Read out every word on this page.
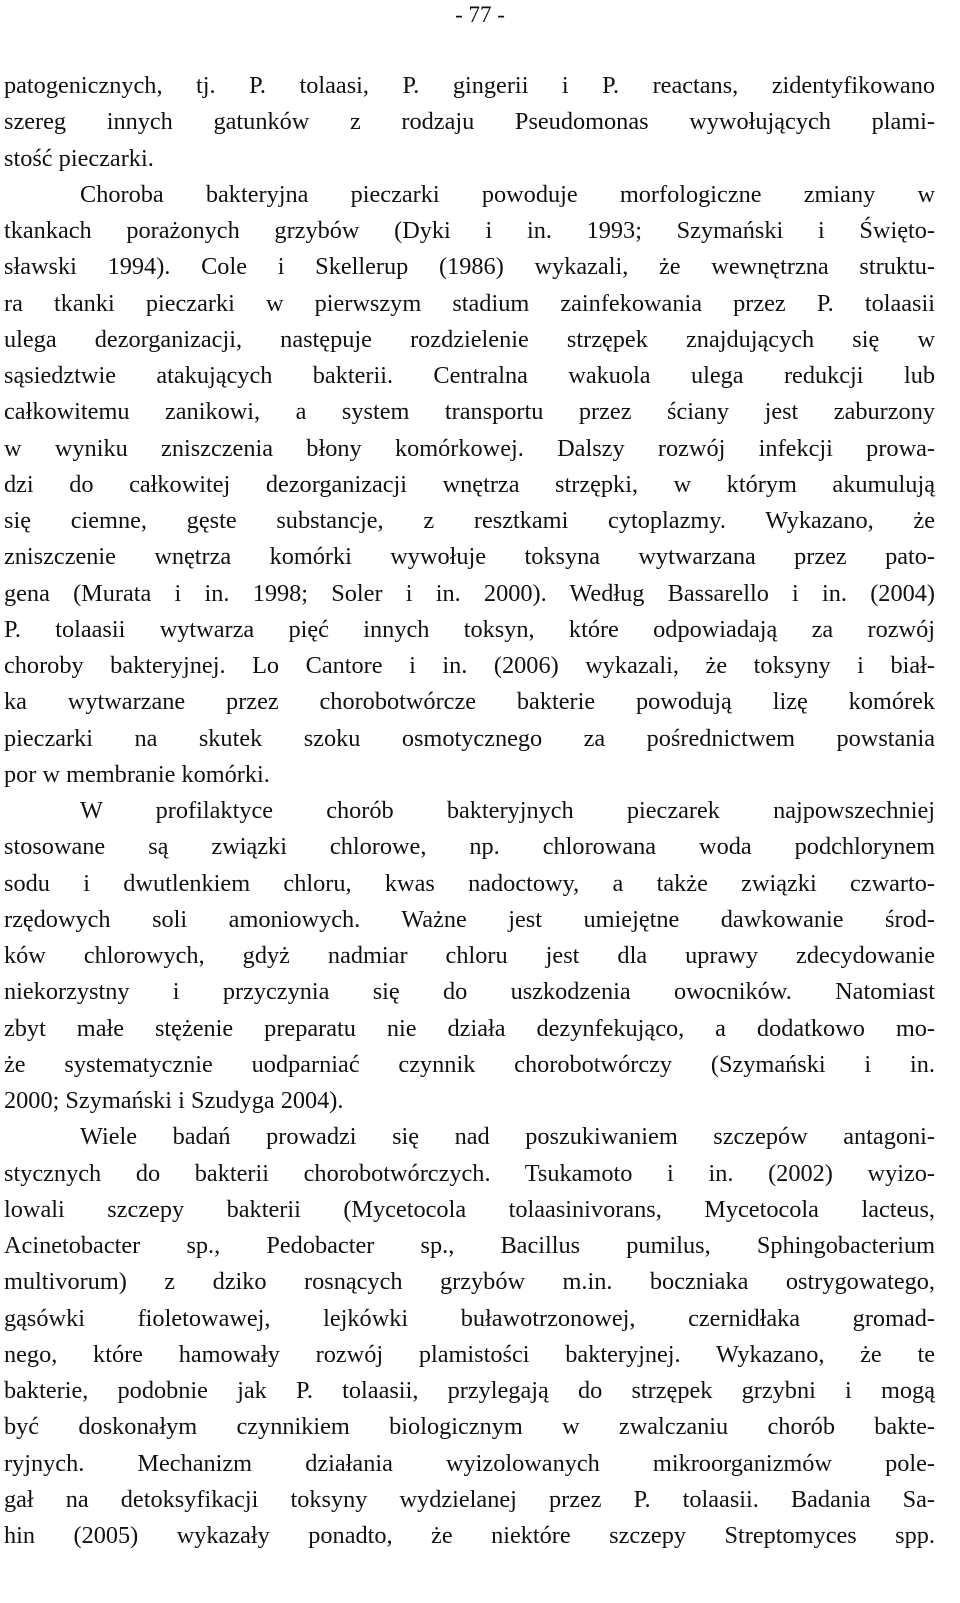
- 77 -
patogenicznych, tj. P. tolaasi, P. gingerii i P. reactans, zidentyfikowano
szereg innych gatunków z rodzaju Pseudomonas wywołujących plami-
stość pieczarki.
Choroba bakteryjna pieczarki powoduje morfologiczne zmiany w
tkankach porażonych grzybów (Dyki i in. 1993; Szymański i Święto-
sławski 1994). Cole i Skellerup (1986) wykazali, że wewnętrzna struktu-
ra tkanki pieczarki w pierwszym stadium zainfekowania przez P. tolaasii
ulega dezorganizacji, następuje rozdzielenie strzępek znajdujących się w
sąsiedztwie atakujących bakterii. Centralna wakuola ulega redukcji lub
całkowitemu zanikowi, a system transportu przez ściany jest zaburzony
w wyniku zniszczenia błony komórkowej. Dalszy rozwój infekcji prowa-
dzi do całkowitej dezorganizacji wnętrza strzępki, w którym akumulują
się ciemne, gęste substancje, z resztkami cytoplazmy. Wykazano, że
zniszczenie wnętrza komórki wywołuje toksyna wytwarzana przez pato-
gena (Murata i in. 1998; Soler i in. 2000). Według Bassarello i in. (2004)
P. tolaasii wytwarza pięć innych toksyn, które odpowiadają za rozwój
choroby bakteryjnej. Lo Cantore i in. (2006) wykazali, że toksyny i biał-
ka wytwarzane przez chorobotwórcze bakterie powodują lizę komórek
pieczarki na skutek szoku osmotycznego za pośrednictwem powstania
por w membranie komórki.
W profilaktyce chorób bakteryjnych pieczarek najpowszechniej
stosowane są związki chlorowe, np. chlorowana woda podchlorynem
sodu i dwutlenkiem chloru, kwas nadoctowy, a także związki czwarto-
rzędowych soli amoniowych. Ważne jest umiejętne dawkowanie środ-
ków chlorowych, gdyż nadmiar chloru jest dla uprawy zdecydowanie
niekorzystny i przyczynia się do uszkodzenia owocników. Natomiast
zbyt małe stężenie preparatu nie działa dezynfekująco, a dodatkowo mo-
że systematycznie uodparniać czynnik chorobotwórczy (Szymański i in.
2000; Szymański i Szudyga 2004).
Wiele badań prowadzi się nad poszukiwaniem szczepów antagoni-
stycznych do bakterii chorobotwórczych. Tsukamoto i in. (2002) wyizo-
lowali szczepy bakterii (Mycetocola tolaasinivorans, Mycetocola lacteus,
Acinetobacter sp., Pedobacter sp., Bacillus pumilus, Sphingobacterium
multivorum) z dziko rosnących grzybów m.in. boczniaka ostrygowatego,
gąsówki fioletowawej, lejkówki buławotrzonowej, czernidłaka gromad-
nego, które hamowały rozwój plamistości bakteryjnej. Wykazano, że te
bakterie, podobnie jak P. tolaasii, przylegają do strzępek grzybni i mogą
być doskonałym czynnikiem biologicznym w zwalczaniu chorób bakte-
ryjnych. Mechanizm działania wyizolowanych mikroorganizmów pole-
gał na detoksyfikacji toksyny wydzielanej przez P. tolaasii. Badania Sa-
hin (2005) wykazały ponadto, że niektóre szczepy Streptomyces spp.
